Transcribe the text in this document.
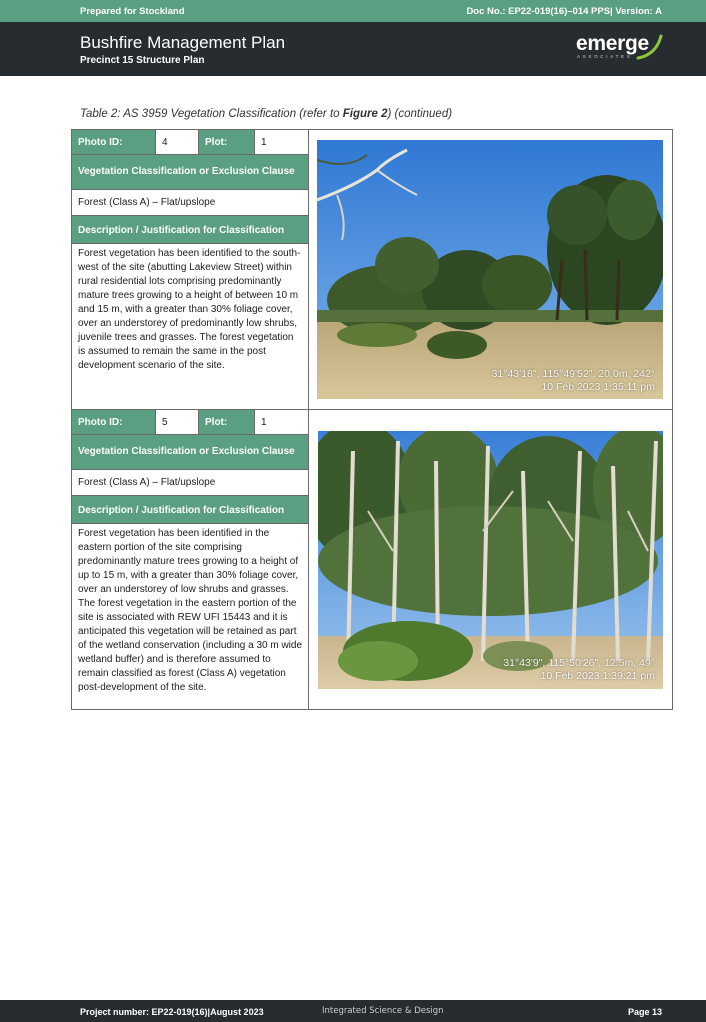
Prepared for Stockland	Doc No.: EP22-019(16)–014 PPS| Version: A
Bushfire Management Plan
Precinct 15 Structure Plan
emerge
ASSOCIATES
Table 2: AS 3959 Vegetation Classification (refer to Figure 2) (continued)
Photo ID:	4	Plot:	1
Vegetation Classification or Exclusion Clause
Forest (Class A) – Flat/upslope
Description / Justification for Classification
Forest vegetation has been identified to the south-west of the site (abutting Lakeview Street) within rural residential lots comprising predominantly mature trees growing to a height of between 10 m and 15 m, with a greater than 30% foliage cover, over an understorey of predominantly low shrubs, juvenile trees and grasses. The forest vegetation is assumed to remain the same in the post development scenario of the site.
31°43'18", 115°49'52", 20.0m, 242°
10 Feb 2023 1:35:11 pm
Photo ID:	5	Plot:	1
Vegetation Classification or Exclusion Clause
Forest (Class A) – Flat/upslope
Description / Justification for Classification
Forest vegetation has been identified in the eastern portion of the site comprising predominantly mature trees growing to a height of up to 15 m, with a greater than 30% foliage cover, over an understorey of low shrubs and grasses. The forest vegetation in the eastern portion of the site is associated with REW UFI 15443 and it is anticipated this vegetation will be retained as part of the wetland conservation (including a 30 m wide wetland buffer) and is therefore assumed to remain classified as forest (Class A) vegetation post-development of the site.
31°43'9", 115°50'26", 12.5m, 49°
10 Feb 2023 1:39:21 pm
Project number: EP22-019(16)|August 2023	Integrated Science & Design	Page 13
